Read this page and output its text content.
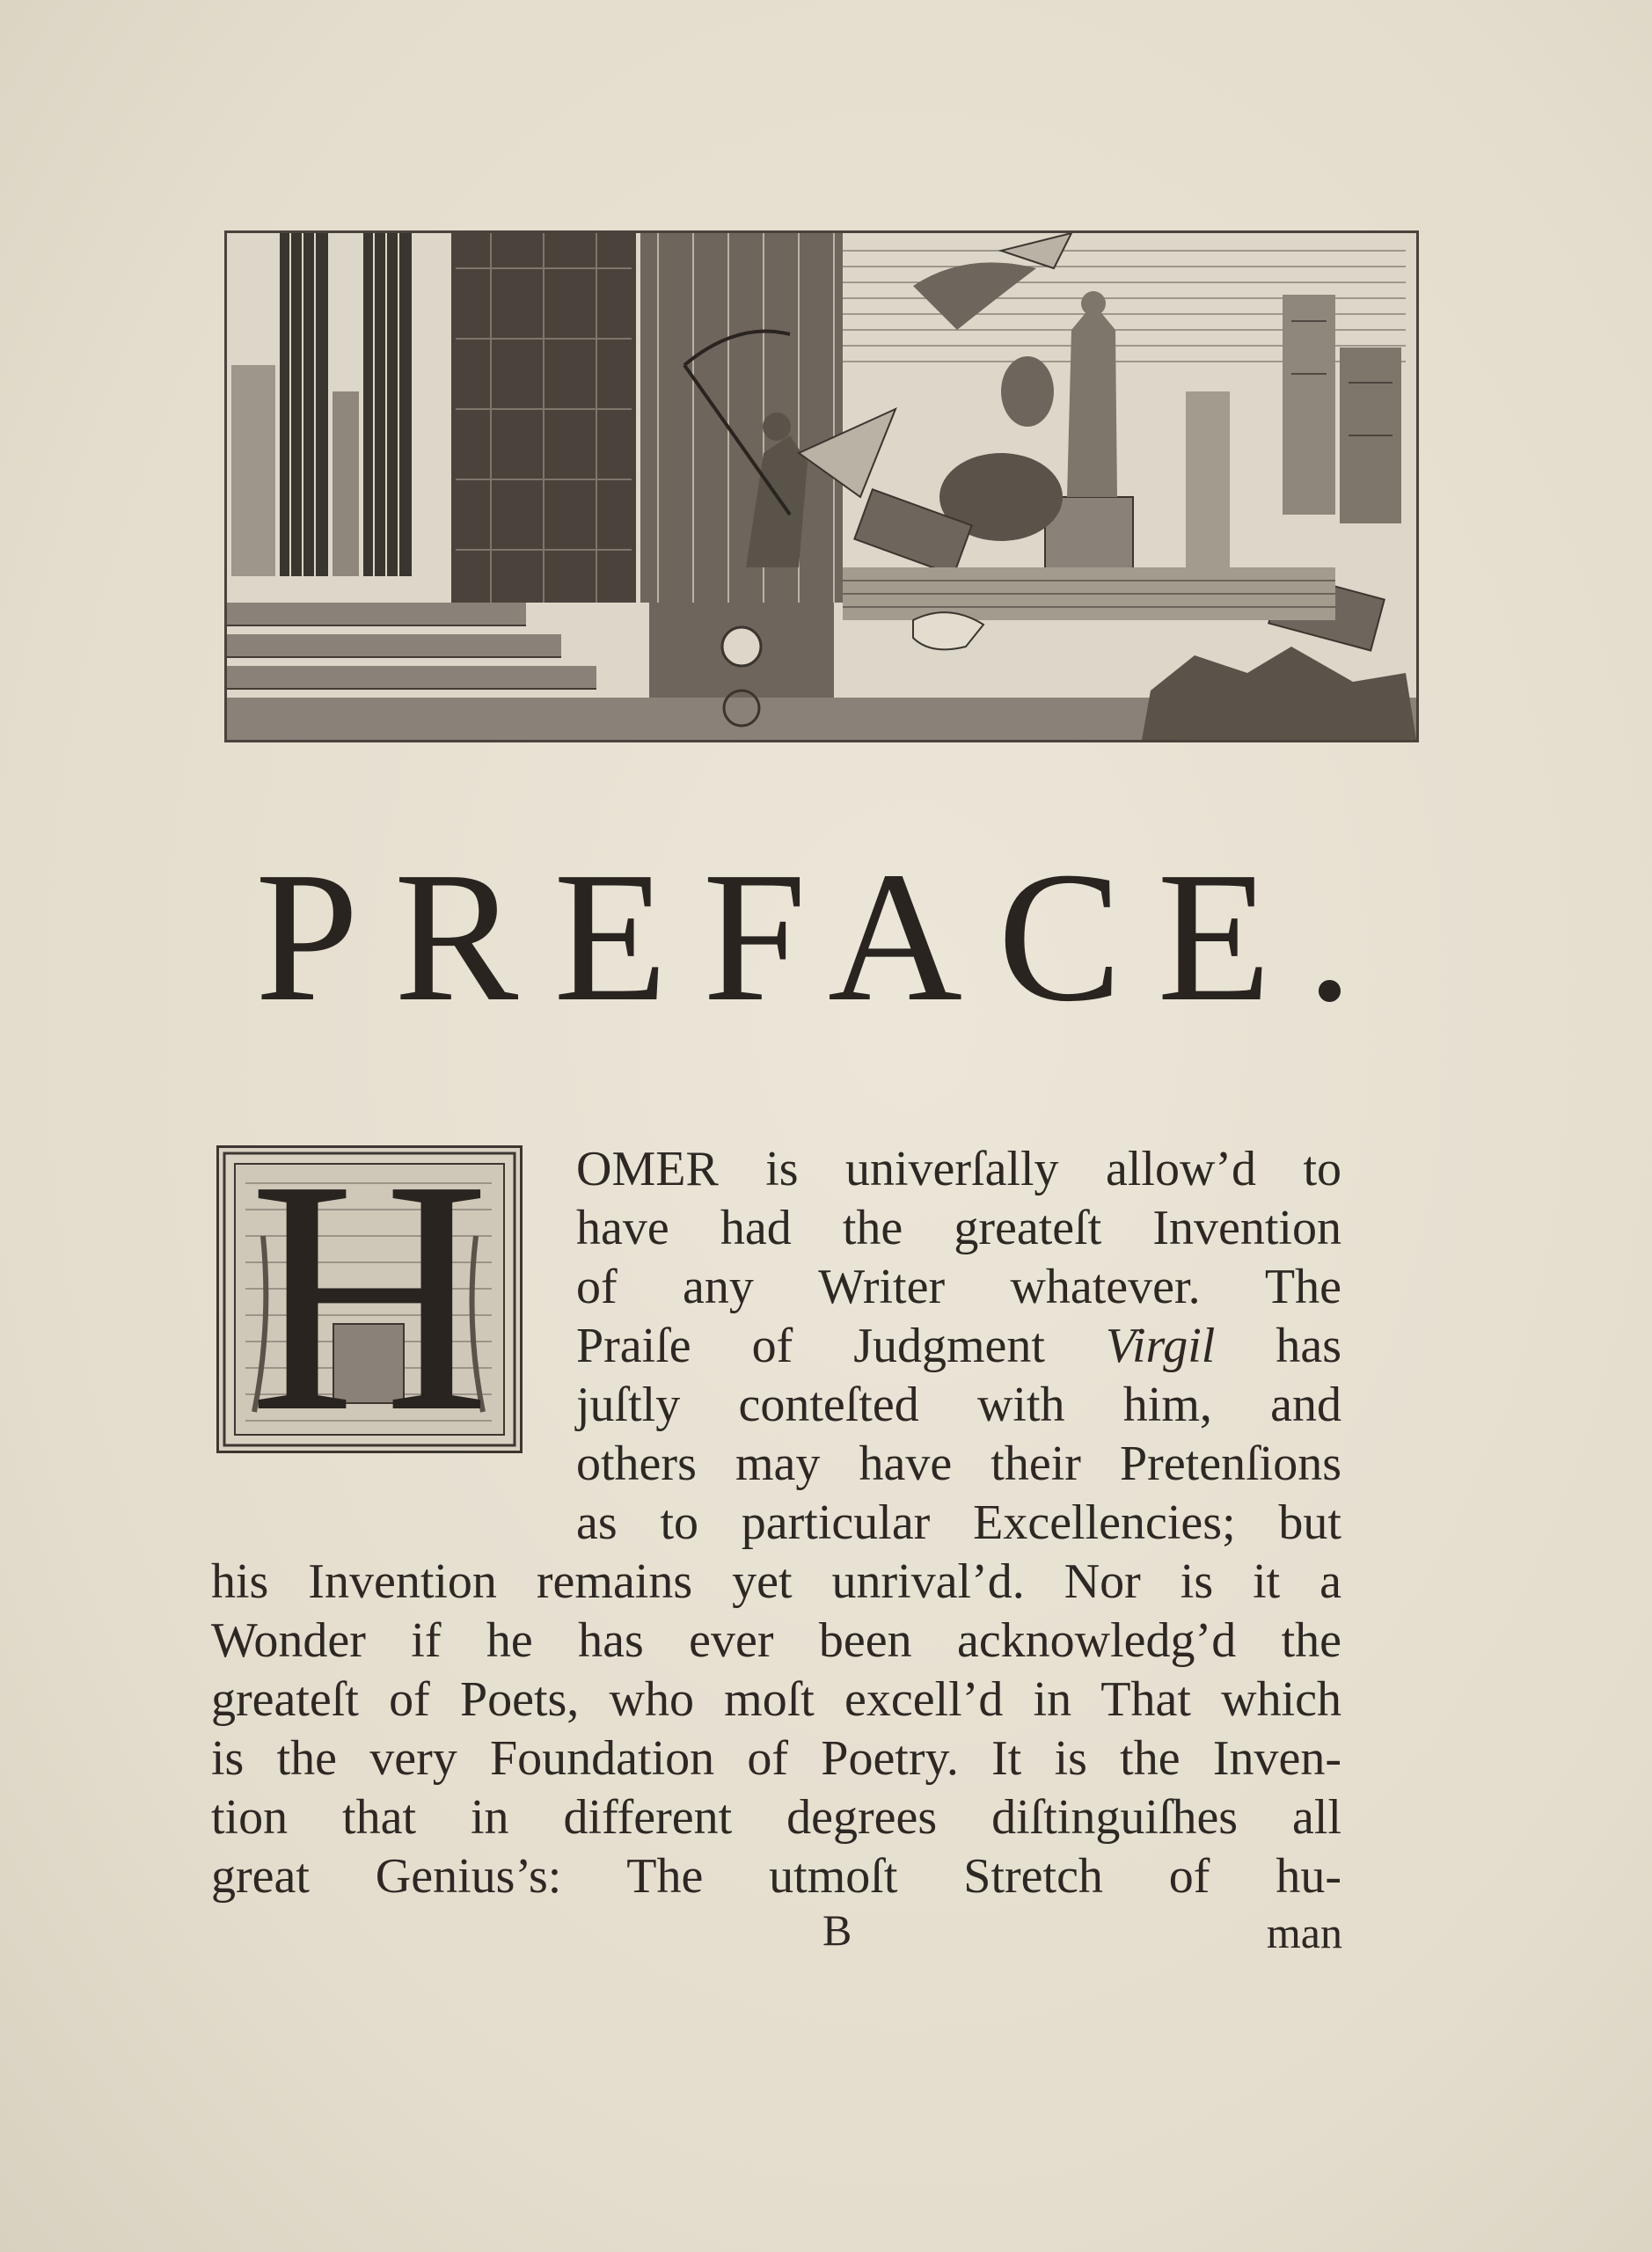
PREFACE.
H	OMER is univerſally allow’d to
have had the greateſt Invention
of any Writer whatever. The
Praiſe of Judgment Virgil has
juſtly conteſted with him, and
others may have their Pretenſions
as to particular Excellencies; but
his Invention remains yet unrival’d. Nor is it a
Wonder if he has ever been acknowledg’d the
greateſt of Poets, who moſt excell’d in That which
is the very Foundation of Poetry. It is the Inven-
tion that in different degrees diſtinguiſhes all
great Genius’s: The utmoſt Stretch of hu-
B	man
